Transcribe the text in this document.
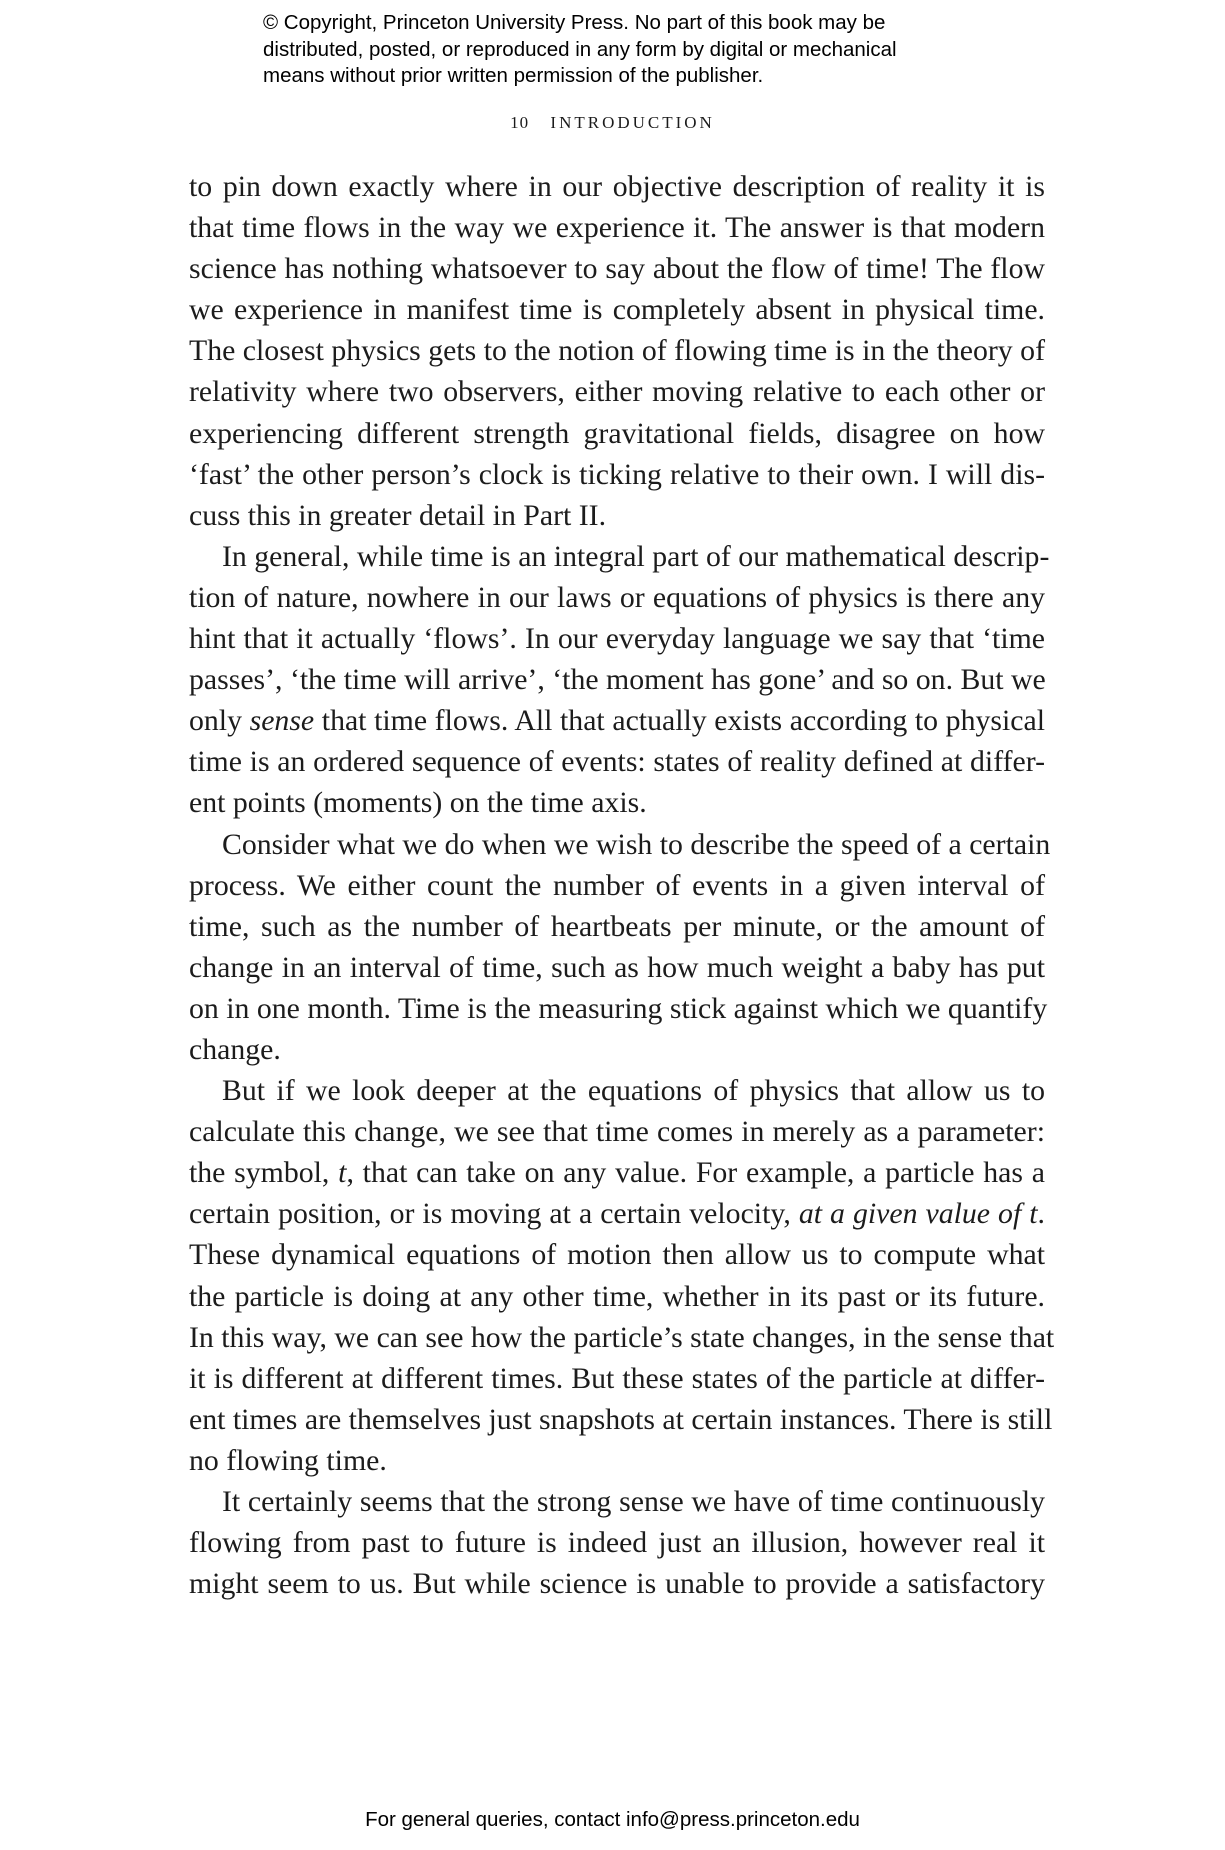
© Copyright, Princeton University Press. No part of this book may be
distributed, posted, or reproduced in any form by digital or mechanical
means without prior written permission of the publisher.
10 INTRODUCTION
to pin down exactly where in our objective description of reality it is
that time flows in the way we experience it. The answer is that modern
science has nothing whatsoever to say about the flow of time! The flow
we experience in manifest time is completely absent in physical time.
The closest physics gets to the notion of flowing time is in the theory of
relativity where two observers, either moving relative to each other or
experiencing different strength gravitational fields, disagree on how
‘fast’ the other person’s clock is ticking relative to their own. I will dis-
cuss this in greater detail in Part II.
In general, while time is an integral part of our mathematical descrip-
tion of nature, nowhere in our laws or equations of physics is there any
hint that it actually ‘flows’. In our everyday language we say that ‘time
passes’, ‘the time will arrive’, ‘the moment has gone’ and so on. But we
only sense that time flows. All that actually exists according to physical
time is an ordered sequence of events: states of reality defined at differ-
ent points (moments) on the time axis.
Consider what we do when we wish to describe the speed of a certain
process. We either count the number of events in a given interval of
time, such as the number of heartbeats per minute, or the amount of
change in an interval of time, such as how much weight a baby has put
on in one month. Time is the measuring stick against which we quantify
change.
But if we look deeper at the equations of physics that allow us to
calculate this change, we see that time comes in merely as a parameter:
the symbol, t, that can take on any value. For example, a particle has a
certain position, or is moving at a certain velocity, at a given value of t.
These dynamical equations of motion then allow us to compute what
the particle is doing at any other time, whether in its past or its future.
In this way, we can see how the particle’s state changes, in the sense that
it is different at different times. But these states of the particle at differ-
ent times are themselves just snapshots at certain instances. There is still
no flowing time.
It certainly seems that the strong sense we have of time continuously
flowing from past to future is indeed just an illusion, however real it
might seem to us. But while science is unable to provide a satisfactory
For general queries, contact info@press.princeton.edu
